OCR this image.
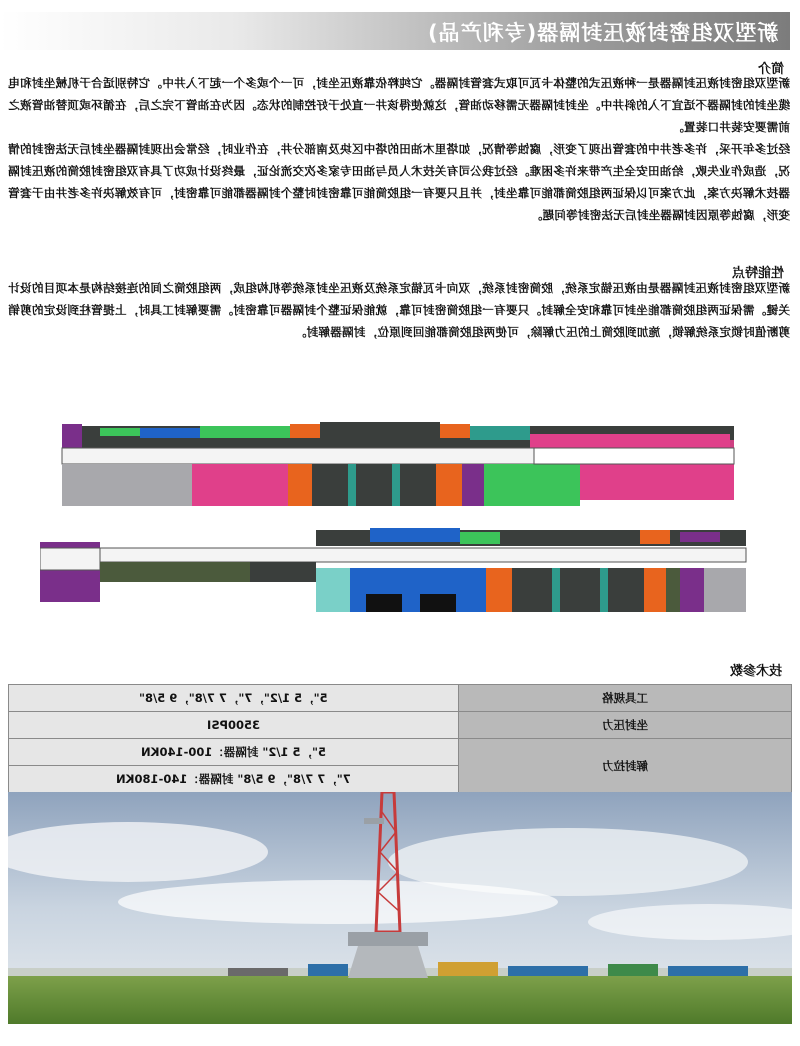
新型双组密封液压封隔器(专利产品)
简介

新型双组密封液压封隔器是一种液压式的整体卡瓦可取式套管封隔器。它纯粹依靠液压坐封，可一个或多个一起下入井中。它特别适合于机械坐封和电缆坐封的封隔器不适宜下入的斜井中。坐封封隔器无需移动油管，这就使得该井一直处于好控制的状态。因为在油管下完之后，在循环或顶替油管液之前需要安装井口装置。

经过多年开采，许多老井中的套管出现了变形，腐蚀等情况，如塔里木油田的塔中区块及南部分井，在作业时，经常会出现封隔器坐封后无法密封的情况，造成作业失败，给油田安全生产带来许多困难。经过我公司有关技术人员与油田专家多次交流论证，最终设计成功了具有双组密封胶筒的液压封隔器技术解决方案，此方案可以保证两组胶筒都能可靠坐封，并且只要有一组胶筒能可靠密封时整个封隔器都能可靠密封，可有效解决许多老井由于套管变形，腐蚀等原因封隔器坐封后无法密封等问题。

性能特点

新型双组密封液压封隔器是由液压锚定系统，胶筒密封系统，双向卡瓦锚定系统及液压坐封系统等机构组成，两组胶筒之间的连接结构是本项目的设计关键。需保证两组胶筒都能坐封可靠和安全解封。只要有一组胶筒密封可靠，就能保证整个封隔器可靠密封。需要解封工具时，上提管柱到设定的剪销剪断值时锁定系统解锁，施加到胶筒上的压力解除，可使两组胶筒都能回到原位，封隔器解封。

技术参数
5"，5 1/2"，7"，7 7/8"，9 5/8"	工具规格
3500PSI	坐封压力
5"，5 1/2" 封隔器：100-140KN	解封拉力
7"，7 7/8"，9 5/8" 封隔器：140-180KN	
